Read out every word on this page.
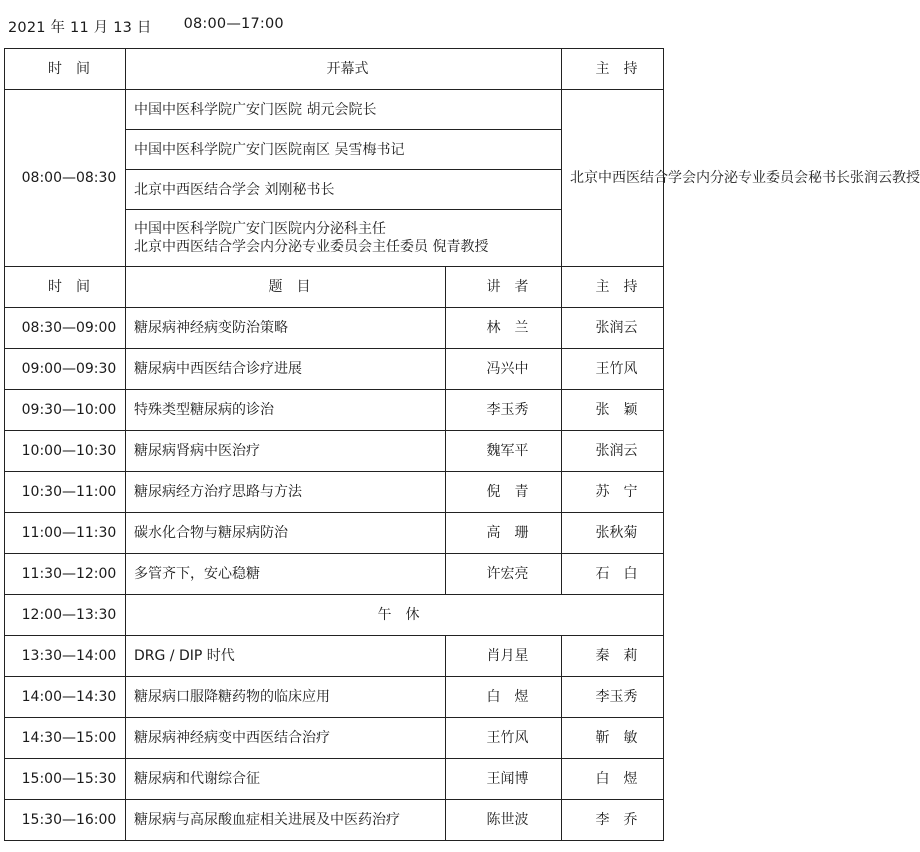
2021 年 11 月 13 日 08:00—17:00
时　间	开幕式		主　持
08:00—08:30	中国中医科学院广安门医院 胡元会院长		北京中西医结合学会内分泌专业委员会秘书长张润云教授
	中国中医科学院广安门医院南区 吴雪梅书记		
	北京中西医结合学会 刘刚秘书长		

	中国中医科学院广安门医院内分泌科主任
北京中西医结合学会内分泌专业委员会主任委员 倪青教授		

时　间	题　目	讲　者	主　持
08:30—09:00	糖尿病神经病变防治策略	林　兰	张润云
09:00—09:30	糖尿病中西医结合诊疗进展	冯兴中	王竹风
09:30—10:00	特殊类型糖尿病的诊治	李玉秀	张　颖
10:00—10:30	糖尿病肾病中医治疗	魏军平	张润云
10:30—11:00	糖尿病经方治疗思路与方法	倪　青	苏　宁
11:00—11:30	碳水化合物与糖尿病防治	高　珊	张秋菊
11:30—12:00	多管齐下，安心稳糖	许宏亮	石　白
12:00—13:30	午　休		
13:30—14:00	DRG / DIP 时代	肖月星	秦　莉
14:00—14:30	糖尿病口服降糖药物的临床应用	白　煜	李玉秀
14:30—15:00	糖尿病神经病变中西医结合治疗	王竹风	靳　敏
15:00—15:30	糖尿病和代谢综合征	王闻博	白　煜
15:30—16:00	糖尿病与高尿酸血症相关进展及中医药治疗	陈世波	李　乔
